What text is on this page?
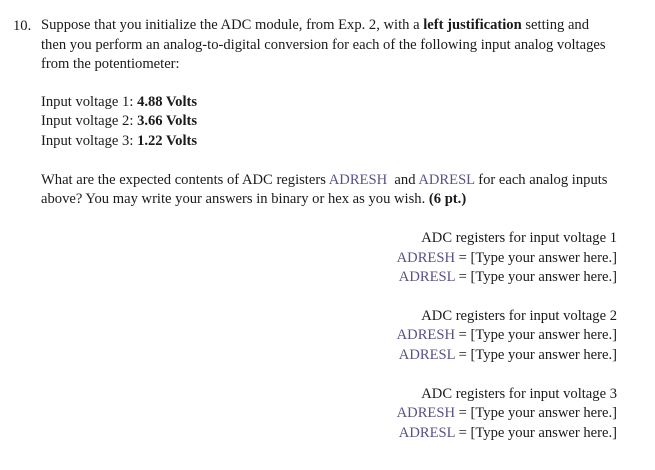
10. Suppose that you initialize the ADC module, from Exp. 2, with a left justification setting and
then you perform an analog-to-digital conversion for each of the following input analog voltages
from the potentiometer:
Input voltage 1: 4.88 Volts
Input voltage 2: 3.66 Volts
Input voltage 3: 1.22 Volts
What are the expected contents of ADC registers ADRESH  and ADRESL for each analog inputs
above? You may write your answers in binary or hex as you wish. (6 pt.)
ADC registers for input voltage 1
ADRESH = [Type your answer here.]
ADRESL = [Type your answer here.]
ADC registers for input voltage 2
ADRESH = [Type your answer here.]
ADRESL = [Type your answer here.]
ADC registers for input voltage 3
ADRESH = [Type your answer here.]
ADRESL = [Type your answer here.]
